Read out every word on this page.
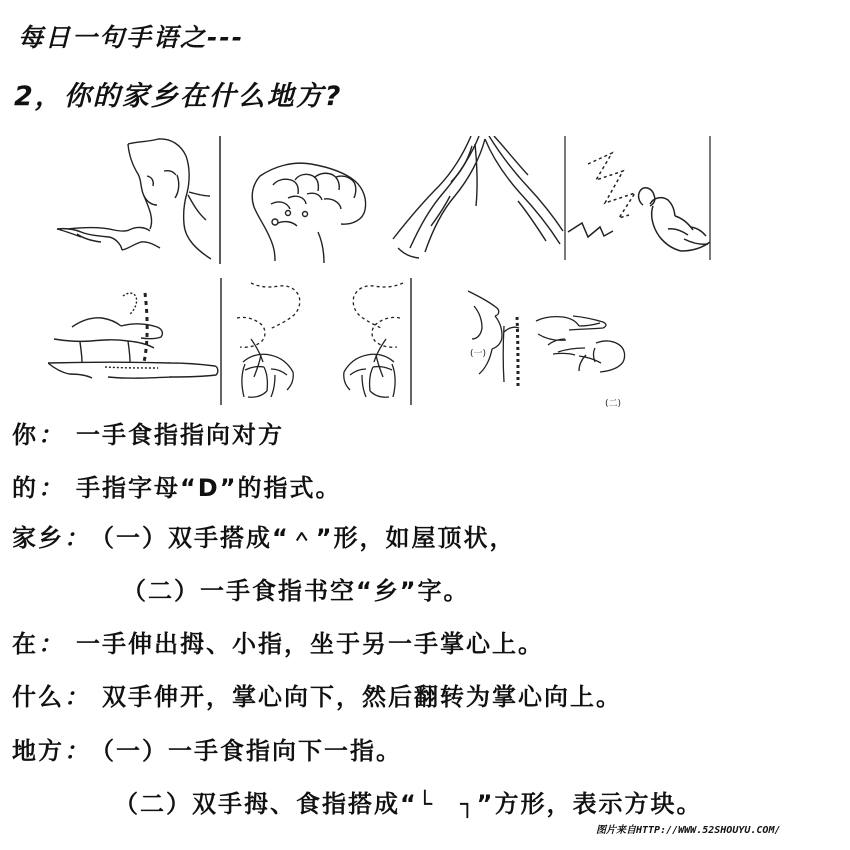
每日一句手语之---
2，你的家乡在什么地方?
(一)
(二)
你： 一手食指指向对方
的： 手指字母“D”的指式。
家乡： （一）双手搭成“＾”形，如屋顶状，
（二）一手食指书空“乡”字。
在： 一手伸出拇、小指，坐于另一手掌心上。
什么： 双手伸开，掌心向下，然后翻转为掌心向上。
地方： （一）一手食指向下一指。
（二）双手拇、食指搭成“└　┐”方形，表示方块。
图片来自HTTP://WWW.52SHOUYU.COM/
